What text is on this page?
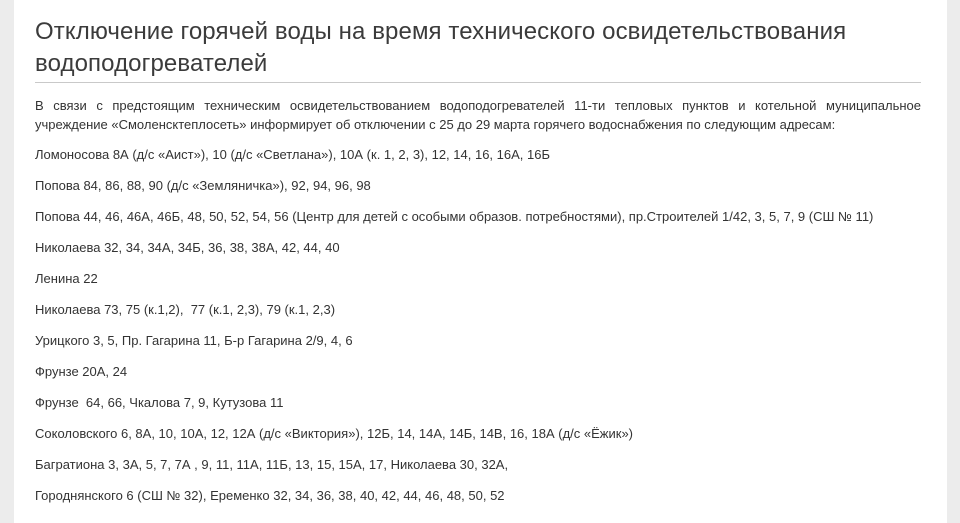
Отключение горячей воды на время технического освидетельствования водоподогревателей

В связи с предстоящим техническим освидетельствованием водоподогревателей 11-ти тепловых пунктов и котельной муниципальное учреждение «Смоленсктеплосеть» информирует об отключении с 25 до 29 марта горячего водоснабжения по следующим адресам:

Ломоносова 8А (д/с «Аист»), 10 (д/с «Светлана»), 10А (к. 1, 2, 3), 12, 14, 16, 16А, 16Б

Попова 84, 86, 88, 90 (д/с «Земляничка»), 92, 94, 96, 98

Попова 44, 46, 46А, 46Б, 48, 50, 52, 54, 56 (Центр для детей с особыми образов. потребностями), пр.Строителей 1/42, 3, 5, 7, 9 (СШ № 11)

Николаева 32, 34, 34А, 34Б, 36, 38, 38А, 42, 44, 40

Ленина 22

Николаева 73, 75 (к.1,2),  77 (к.1, 2,3), 79 (к.1, 2,3)

Урицкого 3, 5, Пр. Гагарина 11, Б-р Гагарина 2/9, 4, 6

Фрунзе 20А, 24

Фрунзе  64, 66, Чкалова 7, 9, Кутузова 11

Соколовского 6, 8А, 10, 10А, 12, 12А (д/с «Виктория»), 12Б, 14, 14А, 14Б, 14В, 16, 18А (д/с «Ёжик»)

Багратиона 3, 3А, 5, 7, 7А , 9, 11, 11А, 11Б, 13, 15, 15А, 17, Николаева 30, 32А,

Городнянского 6 (СШ № 32), Еременко 32, 34, 36, 38, 40, 42, 44, 46, 48, 50, 52
